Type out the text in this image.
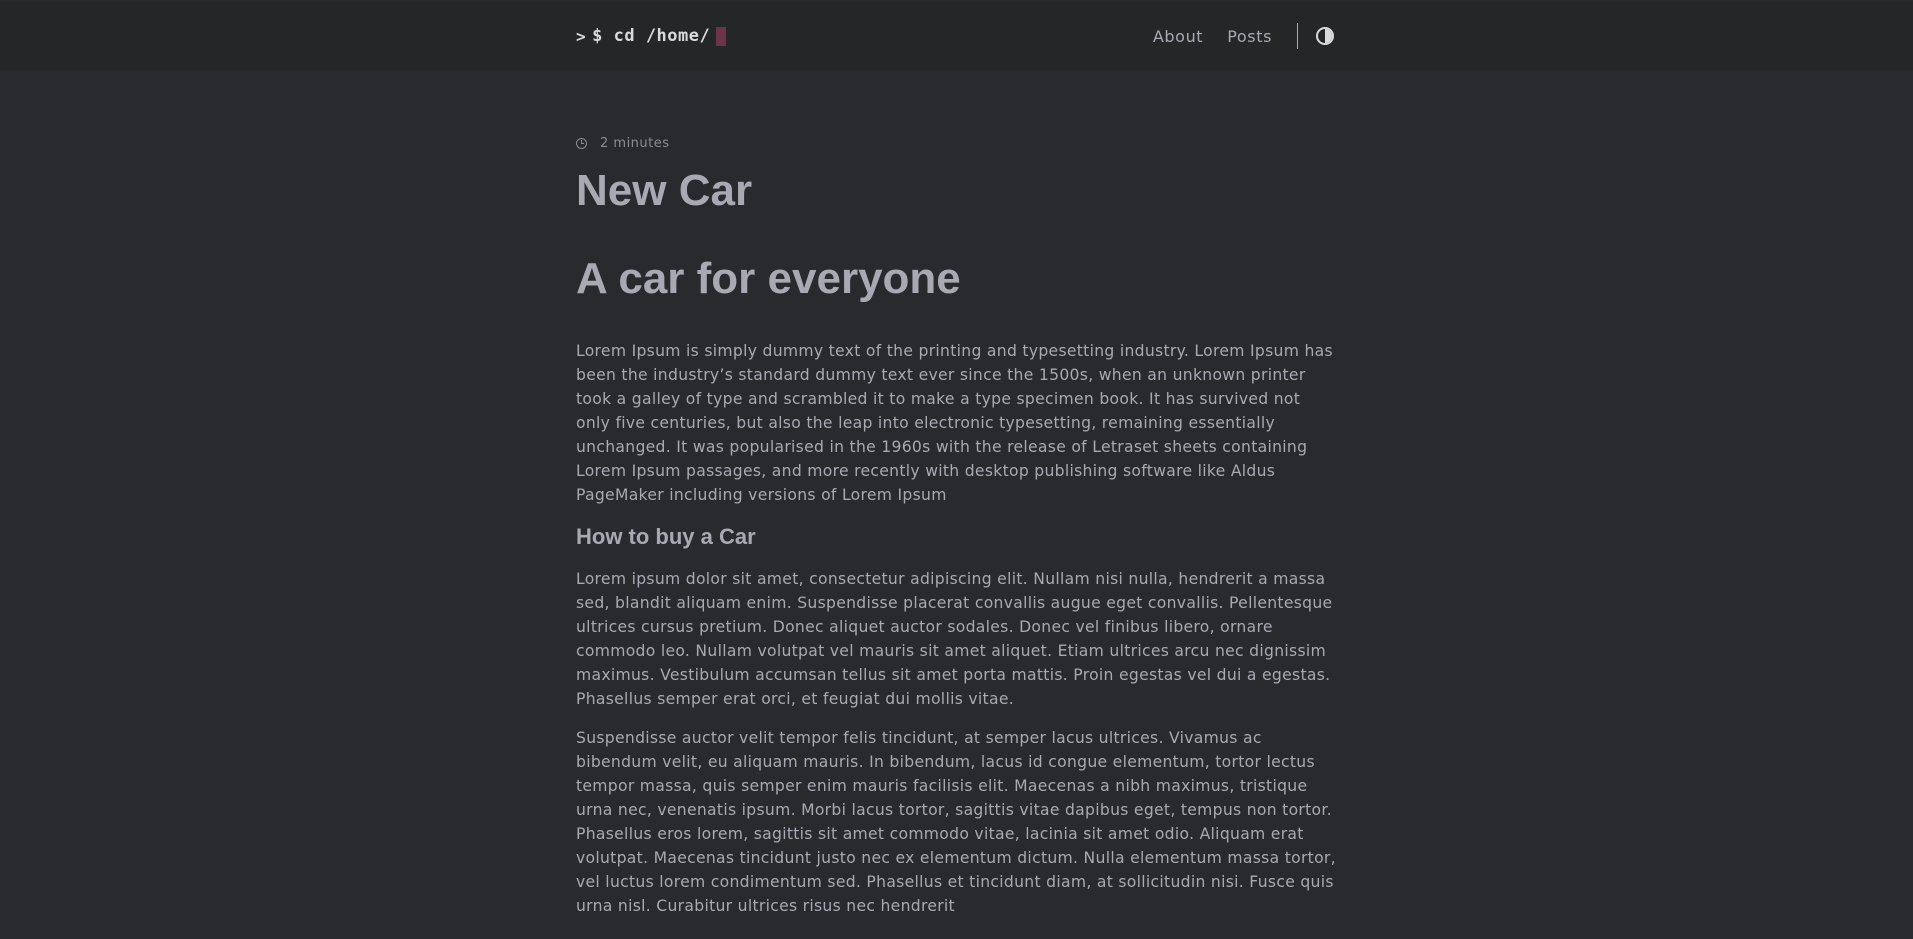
> $ cd /home/	About Posts
2 minutes
New Car
A car for everyone

Lorem Ipsum is simply dummy text of the printing and typesetting industry. Lorem Ipsum has been the industry’s standard dummy text ever since the 1500s, when an unknown printer took a galley of type and scrambled it to make a type specimen book. It has survived not only five centuries, but also the leap into electronic typesetting, remaining essentially unchanged. It was popularised in the 1960s with the release of Letraset sheets containing Lorem Ipsum passages, and more recently with desktop publishing software like Aldus PageMaker including versions of Lorem Ipsum

How to buy a Car

Lorem ipsum dolor sit amet, consectetur adipiscing elit. Nullam nisi nulla, hendrerit a massa sed, blandit aliquam enim. Suspendisse placerat convallis augue eget convallis. Pellentesque ultrices cursus pretium. Donec aliquet auctor sodales. Donec vel finibus libero, ornare commodo leo. Nullam volutpat vel mauris sit amet aliquet. Etiam ultrices arcu nec dignissim maximus. Vestibulum accumsan tellus sit amet porta mattis. Proin egestas vel dui a egestas. Phasellus semper erat orci, et feugiat dui mollis vitae.

Suspendisse auctor velit tempor felis tincidunt, at semper lacus ultrices. Vivamus ac bibendum velit, eu aliquam mauris. In bibendum, lacus id congue elementum, tortor lectus tempor massa, quis semper enim mauris facilisis elit. Maecenas a nibh maximus, tristique urna nec, venenatis ipsum. Morbi lacus tortor, sagittis vitae dapibus eget, tempus non tortor. Phasellus eros lorem, sagittis sit amet commodo vitae, lacinia sit amet odio. Aliquam erat volutpat. Maecenas tincidunt justo nec ex elementum dictum. Nulla elementum massa tortor, vel luctus lorem condimentum sed. Phasellus et tincidunt diam, at sollicitudin nisi. Fusce quis urna nisl. Curabitur ultrices risus nec hendrerit
